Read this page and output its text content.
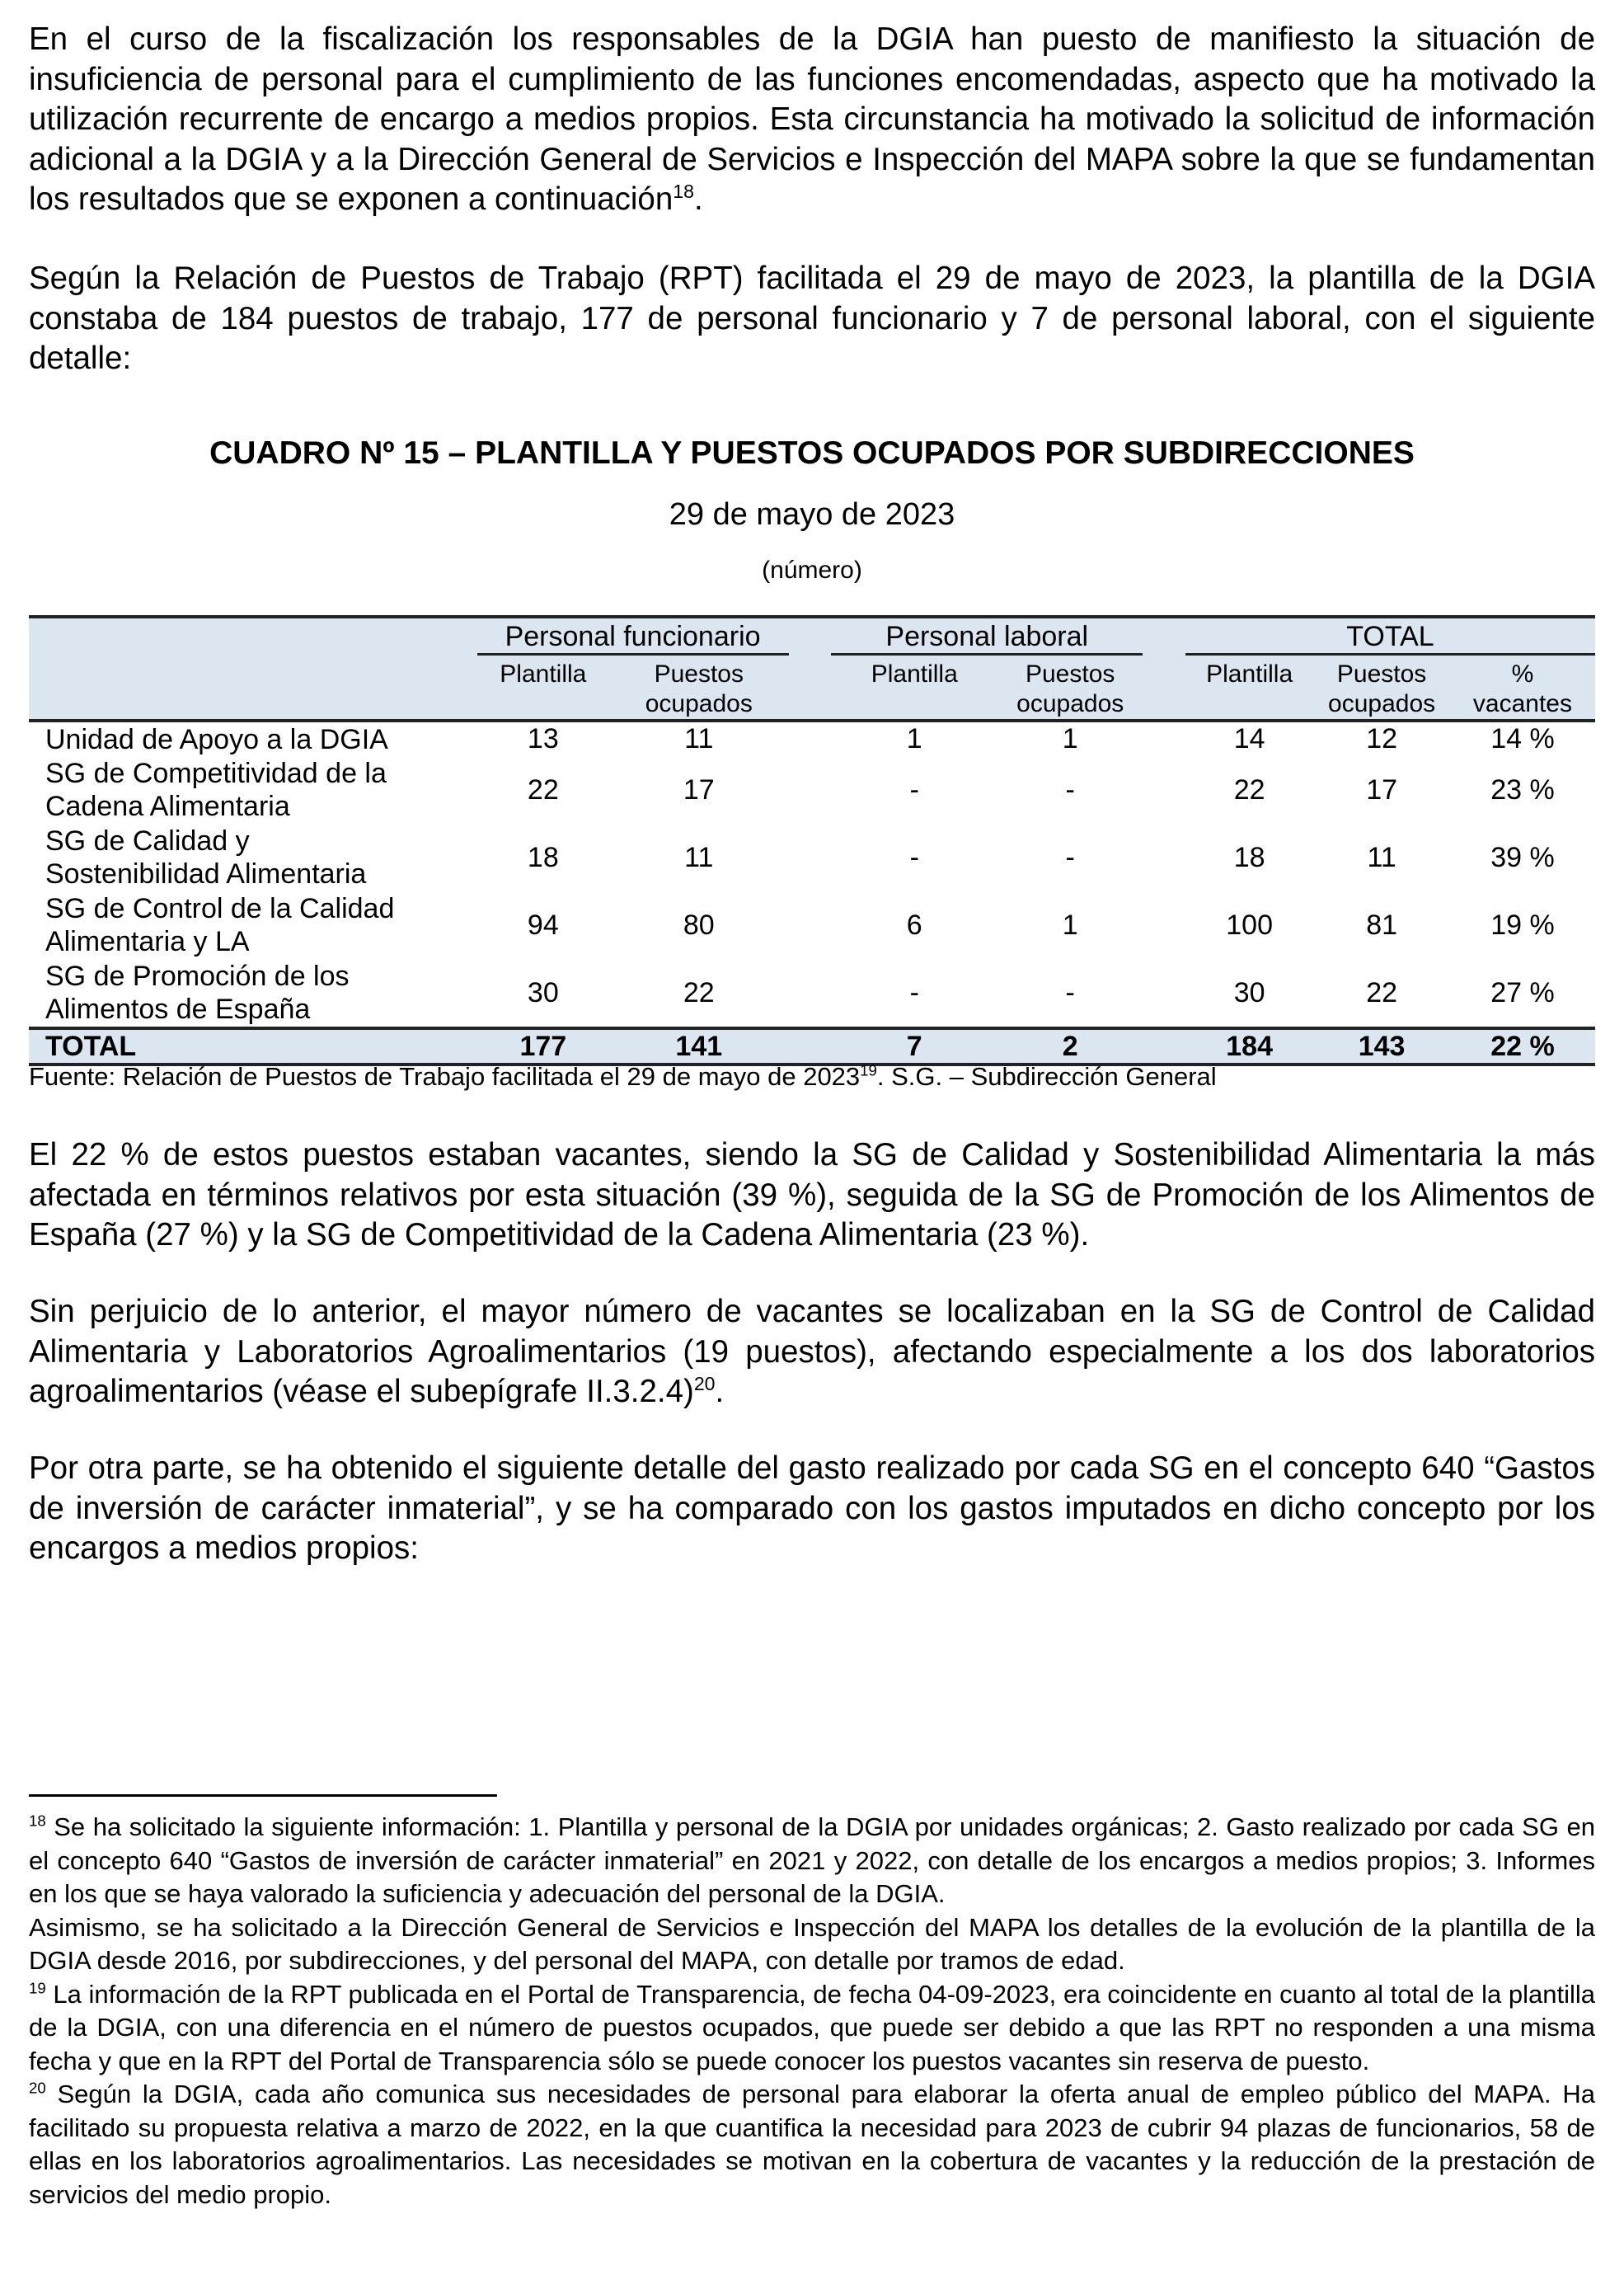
En el curso de la fiscalización los responsables de la DGIA han puesto de manifiesto la situación de insuficiencia de personal para el cumplimiento de las funciones encomendadas, aspecto que ha motivado la utilización recurrente de encargo a medios propios. Esta circunstancia ha motivado la solicitud de información adicional a la DGIA y a la Dirección General de Servicios e Inspección del MAPA sobre la que se fundamentan los resultados que se exponen a continuación$^{18}$.
Según la Relación de Puestos de Trabajo (RPT) facilitada el 29 de mayo de 2023, la plantilla de la DGIA constaba de 184 puestos de trabajo, 177 de personal funcionario y 7 de personal laboral, con el siguiente detalle:
CUADRO Nº 15 – PLANTILLA Y PUESTOS OCUPADOS POR SUBDIRECCIONES
29 de mayo de 2023
(número)

	Personal funcionario			Personal laboral			TOTAL		

	Plantilla	Puestos
ocupados		Plantilla	Puestos
ocupados		Plantilla	Puestos
ocupados	%
vacantes
Unidad de Apoyo a la DGIA	13	11		1	1		14	12	14 %
SG de Competitividad de la
Cadena Alimentaria	22	17		-	-		22	17	23 %
SG de Calidad y
Sostenibilidad Alimentaria	18	11		-	-		18	11	39 %
SG de Control de la Calidad
Alimentaria y LA	94	80		6	1		100	81	19 %
SG de Promoción de los
Alimentos de España	30	22		-	-		30	22	27 %
TOTAL	177	141		7	2		184	143	22 %
Fuente: Relación de Puestos de Trabajo facilitada el 29 de mayo de 2023$^{19}$. S.G. – Subdirección General
El 22 % de estos puestos estaban vacantes, siendo la SG de Calidad y Sostenibilidad Alimentaria la más afectada en términos relativos por esta situación (39 %), seguida de la SG de Promoción de los Alimentos de España (27 %) y la SG de Competitividad de la Cadena Alimentaria (23 %).
Sin perjuicio de lo anterior, el mayor número de vacantes se localizaban en la SG de Control de Calidad Alimentaria y Laboratorios Agroalimentarios (19 puestos), afectando especialmente a los dos laboratorios agroalimentarios (véase el subepígrafe II.3.2.4)$^{20}$.
Por otra parte, se ha obtenido el siguiente detalle del gasto realizado por cada SG en el concepto 640 “Gastos de inversión de carácter inmaterial”, y se ha comparado con los gastos imputados en dicho concepto por los encargos a medios propios:

$^{18}$ Se ha solicitado la siguiente información: 1. Plantilla y personal de la DGIA por unidades orgánicas; 2. Gasto realizado por cada SG en el concepto 640 “Gastos de inversión de carácter inmaterial” en 2021 y 2022, con detalle de los encargos a medios propios; 3. Informes en los que se haya valorado la suficiencia y adecuación del personal de la DGIA.

Asimismo, se ha solicitado a la Dirección General de Servicios e Inspección del MAPA los detalles de la evolución de la plantilla de la DGIA desde 2016, por subdirecciones, y del personal del MAPA, con detalle por tramos de edad.

$^{19}$ La información de la RPT publicada en el Portal de Transparencia, de fecha 04-09-2023, era coincidente en cuanto al total de la plantilla de la DGIA, con una diferencia en el número de puestos ocupados, que puede ser debido a que las RPT no responden a una misma fecha y que en la RPT del Portal de Transparencia sólo se puede conocer los puestos vacantes sin reserva de puesto.

$^{20}$ Según la DGIA, cada año comunica sus necesidades de personal para elaborar la oferta anual de empleo público del MAPA. Ha facilitado su propuesta relativa a marzo de 2022, en la que cuantifica la necesidad para 2023 de cubrir 94 plazas de funcionarios, 58 de ellas en los laboratorios agroalimentarios. Las necesidades se motivan en la cobertura de vacantes y la reducción de la prestación de servicios del medio propio.
